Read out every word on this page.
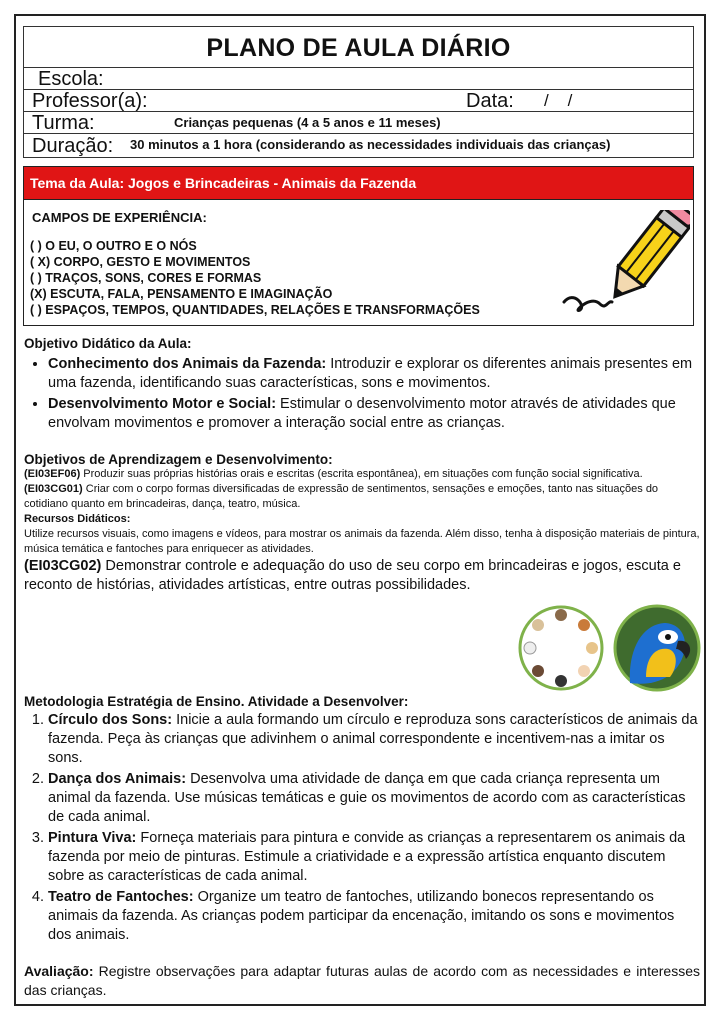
PLANO DE AULA DIÁRIO
Escola:
Professor(a):	Data: /    /
Turma:	Crianças pequenas (4 a 5 anos e 11 meses)
Duração: 30 minutos a 1 hora (considerando as necessidades individuais das crianças)
Tema da Aula: Jogos e Brincadeiras - Animais da Fazenda
CAMPOS DE EXPERIÊNCIA:
( ) O EU, O OUTRO E O NÓS
( X) CORPO, GESTO E MOVIMENTOS
( ) TRAÇOS, SONS, CORES E FORMAS
(X) ESCUTA, FALA, PENSAMENTO E IMAGINAÇÃO
( ) ESPAÇOS, TEMPOS, QUANTIDADES, RELAÇÕES E TRANSFORMAÇÕES
Objetivo Didático da Aula:
• Conhecimento dos Animais da Fazenda: Introduzir e explorar os diferentes animais presentes em uma fazenda, identificando suas características, sons e movimentos.
• Desenvolvimento Motor e Social: Estimular o desenvolvimento motor através de atividades que envolvam movimentos e promover a interação social entre as crianças.
Objetivos de Aprendizagem e Desenvolvimento:

(EI03EF06) Produzir suas próprias histórias orais e escritas (escrita espontânea), em situações com função social significativa.

(EI03CG01) Criar com o corpo formas diversificadas de expressão de sentimentos, sensações e emoções, tanto nas situações do cotidiano quanto em brincadeiras, dança, teatro, música.

Recursos Didáticos:

Utilize recursos visuais, como imagens e vídeos, para mostrar os animais da fazenda. Além disso, tenha à disposição materiais de pintura, música temática e fantoches para enriquecer as atividades.

(EI03CG02) Demonstrar controle e adequação do uso de seu corpo em brincadeiras e jogos, escuta e reconto de histórias, atividades artísticas, entre outras possibilidades.

Metodologia Estratégia de Ensino. Atividade a Desenvolver:
1. Círculo dos Sons: Inicie a aula formando um círculo e reproduza sons característicos de animais da fazenda. Peça às crianças que adivinhem o animal correspondente e incentivem-nas a imitar os sons.
2. Dança dos Animais: Desenvolva uma atividade de dança em que cada criança representa um animal da fazenda. Use músicas temáticas e guie os movimentos de acordo com as características de cada animal.
3. Pintura Viva: Forneça materiais para pintura e convide as crianças a representarem os animais da fazenda por meio de pinturas. Estimule a criatividade e a expressão artística enquanto discutem sobre as características de cada animal.
4. Teatro de Fantoches: Organize um teatro de fantoches, utilizando bonecos representando os animais da fazenda. As crianças podem participar da encenação, imitando os sons e movimentos dos animais.

Avaliação: Registre observações para adaptar futuras aulas de acordo com as necessidades e interesses das crianças.
